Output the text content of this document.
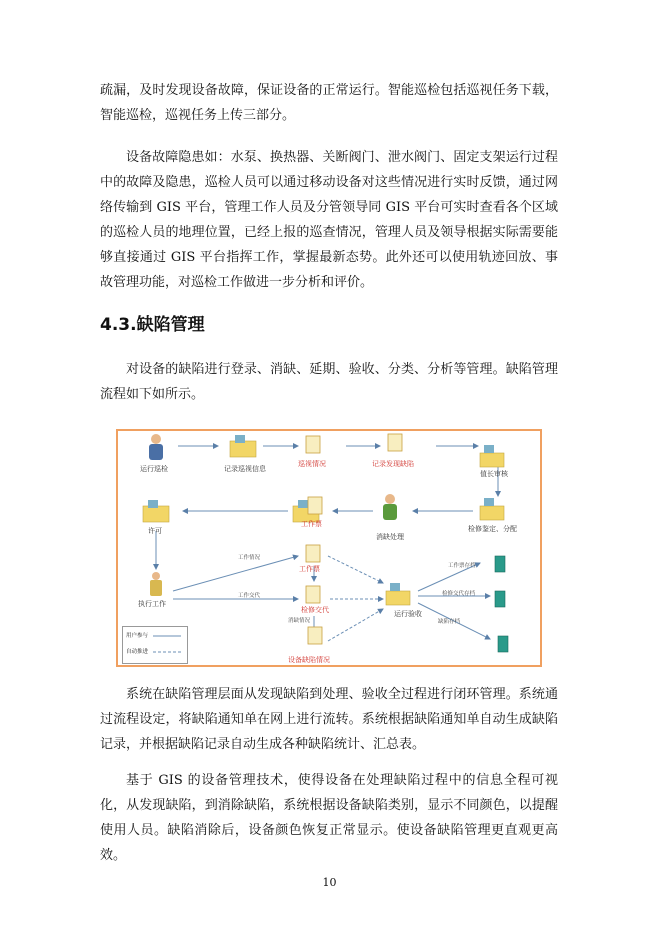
疏漏，及时发现设备故障，保证设备的正常运行。智能巡检包括巡视任务下载，智能巡检，巡视任务上传三部分。

设备故障隐患如：水泵、换热器、关断阀门、泄水阀门、固定支架运行过程中的故障及隐患，巡检人员可以通过移动设备对这些情况进行实时反馈，通过网络传输到 GIS 平台，管理工作人员及分管领导同 GIS 平台可实时查看各个区域的巡检人员的地理位置，已经上报的巡查情况，管理人员及领导根据实际需要能够直接通过 GIS 平台指挥工作，掌握最新态势。此外还可以使用轨迹回放、事故管理功能，对巡检工作做进一步分析和评价。

4.3.缺陷管理

对设备的缺陷进行登录、消缺、延期、验收、分类、分析等管理。缺陷管理流程如下如所示。

运行巡检	记录巡视信息
巡视情况	记录发现缺陷
值长审核
许可
工作票
消缺处理
检修鉴定、分配
执行工作
工作票
检修交代	运行验收
设备缺陷情况
工作情况
工作交代
消缺情况
工作票存档
检修交代存档
缺陷存档
用户参与
自动推进

系统在缺陷管理层面从发现缺陷到处理、验收全过程进行闭环管理。系统通过流程设定，将缺陷通知单在网上进行流转。系统根据缺陷通知单自动生成缺陷记录，并根据缺陷记录自动生成各种缺陷统计、汇总表。

基于 GIS 的设备管理技术，使得设备在处理缺陷过程中的信息全程可视化，从发现缺陷，到消除缺陷，系统根据设备缺陷类别，显示不同颜色，以提醒使用人员。缺陷消除后，设备颜色恢复正常显示。使设备缺陷管理更直观更高效。

10
